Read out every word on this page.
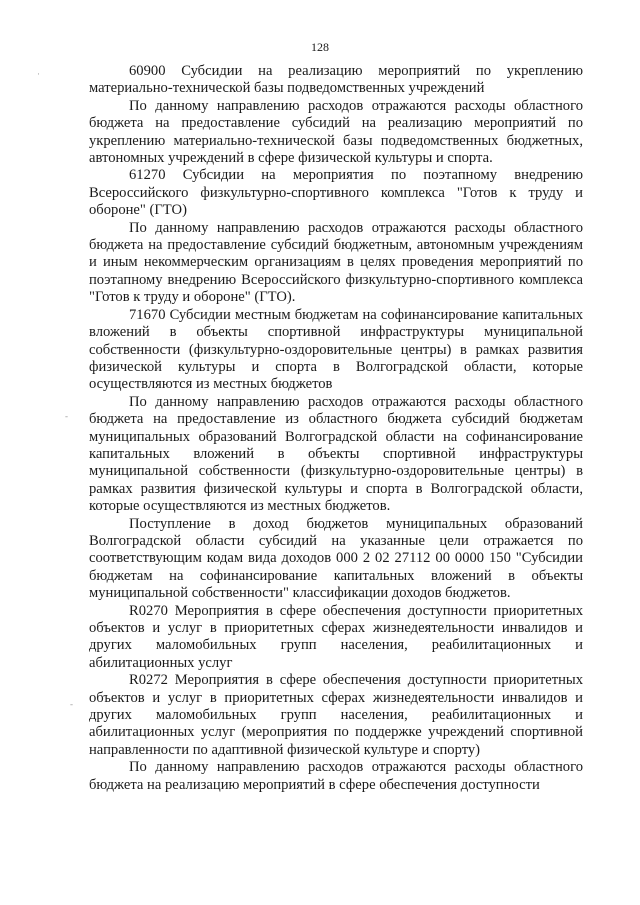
128

60900 Субсидии на реализацию мероприятий по укреплению материально-технической базы подведомственных учреждений

По данному направлению расходов отражаются расходы областного бюджета на предоставление субсидий на реализацию мероприятий по укреплению материально-технической базы подведомственных бюджетных, автономных учреждений в сфере физической культуры и спорта.

61270 Субсидии на мероприятия по поэтапному внедрению Всероссийского физкультурно-спортивного комплекса "Готов к труду и обороне" (ГТО)

По данному направлению расходов отражаются расходы областного бюджета на предоставление субсидий бюджетным, автономным учреждениям и иным некоммерческим организациям в целях проведения мероприятий по поэтапному внедрению Всероссийского физкультурно-спортивного комплекса "Готов к труду и обороне" (ГТО).

71670 Субсидии местным бюджетам на софинансирование капитальных вложений в объекты спортивной инфраструктуры муниципальной собственности (физкультурно-оздоровительные центры) в рамках развития физической культуры и спорта в Волгоградской области, которые осуществляются из местных бюджетов

По данному направлению расходов отражаются расходы областного бюджета на предоставление из областного бюджета субсидий бюджетам муниципальных образований Волгоградской области на софинансирование капитальных вложений в объекты спортивной инфраструктуры муниципальной собственности (физкультурно-оздоровительные центры) в рамках развития физической культуры и спорта в Волгоградской области, которые осуществляются из местных бюджетов.

Поступление в доход бюджетов муниципальных образований Волгоградской области субсидий на указанные цели отражается по соответствующим кодам вида доходов 000 2 02 27112 00 0000 150 "Субсидии бюджетам на софинансирование капитальных вложений в объекты муниципальной собственности" классификации доходов бюджетов.

R0270 Мероприятия в сфере обеспечения доступности приоритетных объектов и услуг в приоритетных сферах жизнедеятельности инвалидов и других маломобильных групп населения, реабилитационных и абилитационных услуг

R0272 Мероприятия в сфере обеспечения доступности приоритетных объектов и услуг в приоритетных сферах жизнедеятельности инвалидов и других маломобильных групп населения, реабилитационных и абилитационных услуг (мероприятия по поддержке учреждений спортивной направленности по адаптивной физической культуре и спорту)

По данному направлению расходов отражаются расходы областного бюджета на реализацию мероприятий в сфере обеспечения доступности

·
-
-
